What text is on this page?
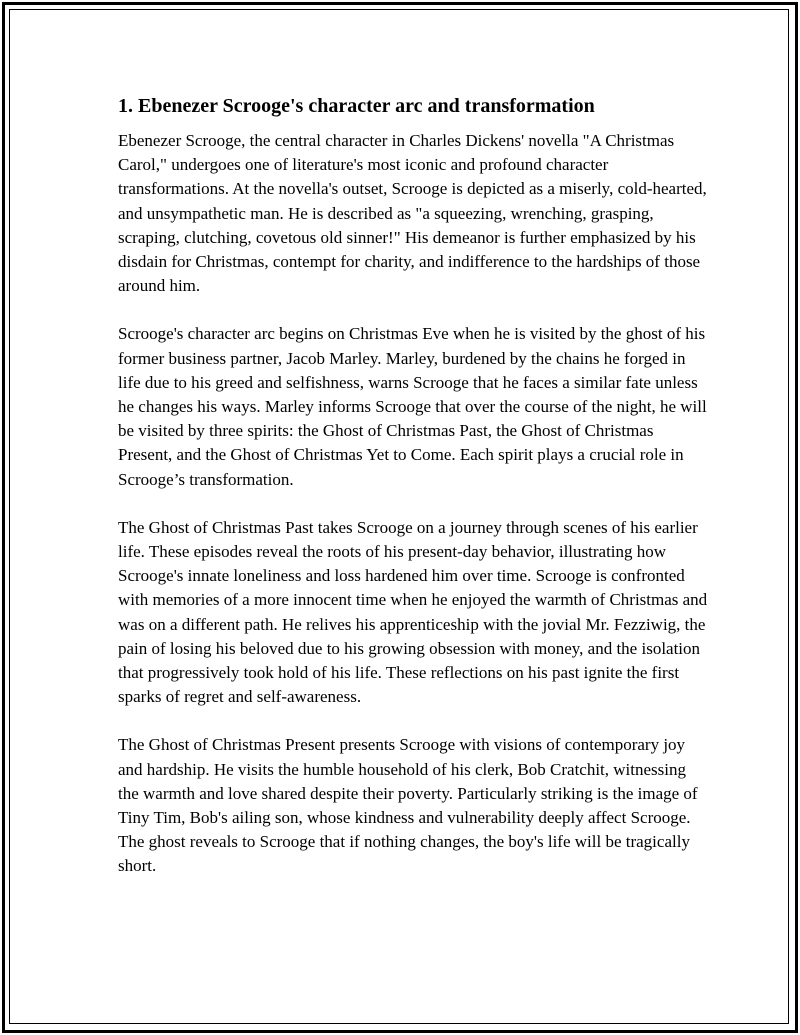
1. Ebenezer Scrooge's character arc and transformation

Ebenezer Scrooge, the central character in Charles Dickens' novella "A Christmas Carol," undergoes one of literature's most iconic and profound character transformations. At the novella's outset, Scrooge is depicted as a miserly, cold-hearted, and unsympathetic man. He is described as "a squeezing, wrenching, grasping, scraping, clutching, covetous old sinner!" His demeanor is further emphasized by his disdain for Christmas, contempt for charity, and indifference to the hardships of those around him.

Scrooge's character arc begins on Christmas Eve when he is visited by the ghost of his former business partner, Jacob Marley. Marley, burdened by the chains he forged in life due to his greed and selfishness, warns Scrooge that he faces a similar fate unless he changes his ways. Marley informs Scrooge that over the course of the night, he will be visited by three spirits: the Ghost of Christmas Past, the Ghost of Christmas Present, and the Ghost of Christmas Yet to Come. Each spirit plays a crucial role in Scrooge’s transformation.

The Ghost of Christmas Past takes Scrooge on a journey through scenes of his earlier life. These episodes reveal the roots of his present-day behavior, illustrating how Scrooge's innate loneliness and loss hardened him over time. Scrooge is confronted with memories of a more innocent time when he enjoyed the warmth of Christmas and was on a different path. He relives his apprenticeship with the jovial Mr. Fezziwig, the pain of losing his beloved due to his growing obsession with money, and the isolation that progressively took hold of his life. These reflections on his past ignite the first sparks of regret and self-awareness.

The Ghost of Christmas Present presents Scrooge with visions of contemporary joy and hardship. He visits the humble household of his clerk, Bob Cratchit, witnessing the warmth and love shared despite their poverty. Particularly striking is the image of Tiny Tim, Bob's ailing son, whose kindness and vulnerability deeply affect Scrooge. The ghost reveals to Scrooge that if nothing changes, the boy's life will be tragically short.
